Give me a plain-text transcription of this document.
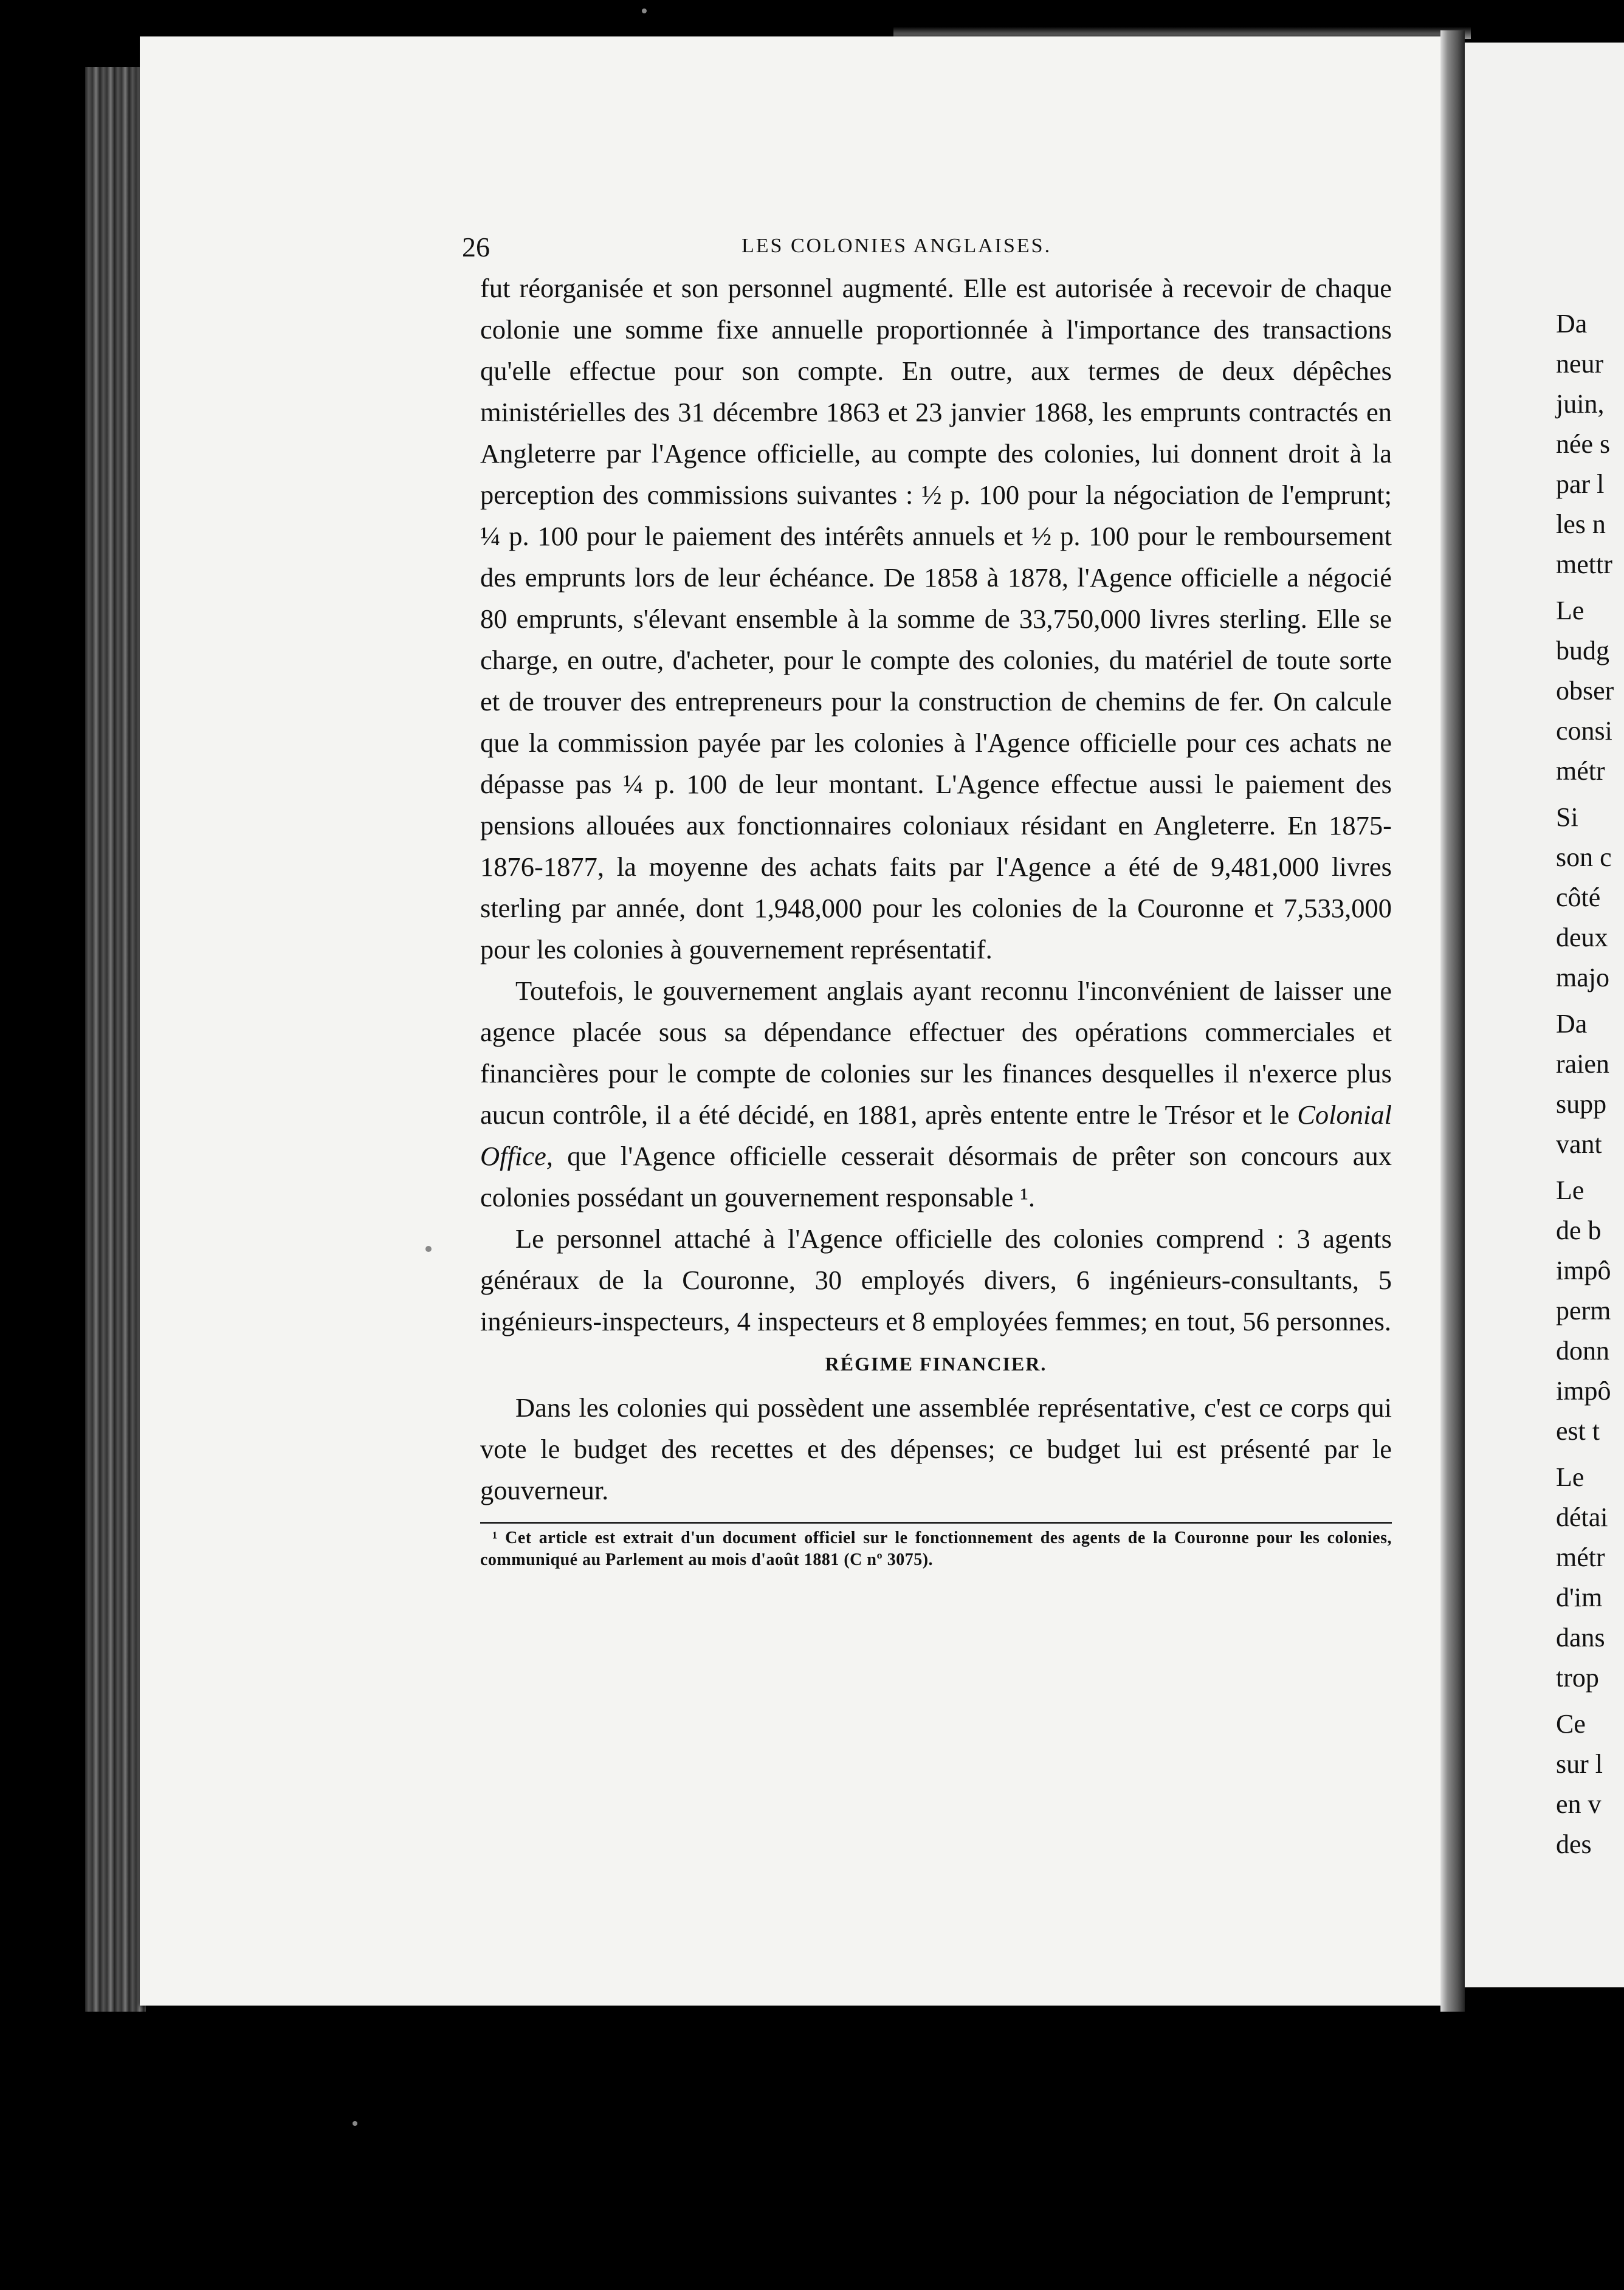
Da
neur
juin,
née s
par l
les n
mettr
Le
budg
obser
consi
métr
Si
son c
côté
deux
majo
Da
raien
supp
vant
Le
de b
impô
perm
donn
impô
est t
Le
détai
métr
d'im
dans
trop
Ce
sur l
en v
des
26	LES COLONIES ANGLAISES.

fut réorganisée et son personnel augmenté. Elle est autorisée à recevoir de chaque colonie une somme fixe annuelle proportionnée à l'importance des transactions qu'elle effectue pour son compte. En outre, aux termes de deux dépêches ministérielles des 31 décembre 1863 et 23 janvier 1868, les emprunts contractés en Angleterre par l'Agence officielle, au compte des colonies, lui donnent droit à la perception des commissions suivantes : ½ p. 100 pour la négociation de l'emprunt; ¼ p. 100 pour le paiement des intérêts annuels et ½ p. 100 pour le remboursement des emprunts lors de leur échéance. De 1858 à 1878, l'Agence officielle a négocié 80 emprunts, s'élevant ensemble à la somme de 33,750,000 livres sterling. Elle se charge, en outre, d'acheter, pour le compte des colonies, du matériel de toute sorte et de trouver des entrepreneurs pour la construction de chemins de fer. On calcule que la commission payée par les colonies à l'Agence officielle pour ces achats ne dépasse pas ¼ p. 100 de leur montant. L'Agence effectue aussi le paiement des pensions allouées aux fonctionnaires coloniaux résidant en Angleterre. En 1875-1876-1877, la moyenne des achats faits par l'Agence a été de 9,481,000 livres sterling par année, dont 1,948,000 pour les colonies de la Couronne et 7,533,000 pour les colonies à gouvernement représentatif.

Toutefois, le gouvernement anglais ayant reconnu l'inconvénient de laisser une agence placée sous sa dépendance effectuer des opérations commerciales et financières pour le compte de colonies sur les finances desquelles il n'exerce plus aucun contrôle, il a été décidé, en 1881, après entente entre le Trésor et le Colonial Office, que l'Agence officielle cesserait désormais de prêter son concours aux colonies possédant un gouvernement responsable ¹.

Le personnel attaché à l'Agence officielle des colonies comprend : 3 agents généraux de la Couronne, 30 employés divers, 6 ingénieurs-consultants, 5 ingénieurs-inspecteurs, 4 inspecteurs et 8 employées femmes; en tout, 56 personnes.

RÉGIME FINANCIER.

Dans les colonies qui possèdent une assemblée représentative, c'est ce corps qui vote le budget des recettes et des dépenses; ce budget lui est présenté par le gouverneur.

¹ Cet article est extrait d'un document officiel sur le fonctionnement des agents de la Couronne pour les colonies, communiqué au Parlement au mois d'août 1881 (C nº 3075).
